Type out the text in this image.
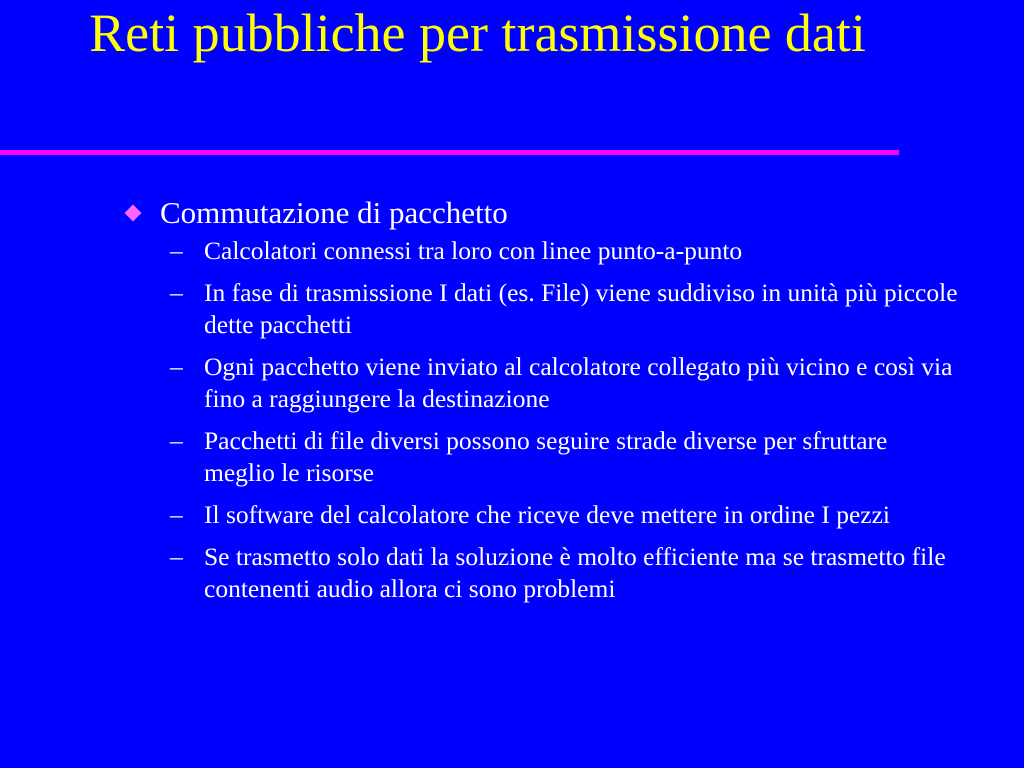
Reti pubbliche per trasmissione dati
Commutazione di pacchetto
– Calcolatori connessi tra loro con linee punto-a-punto
– In fase di trasmissione I dati (es. File) viene suddiviso in unità più piccole dette pacchetti
– Ogni pacchetto viene inviato al calcolatore collegato più vicino e così via fino a raggiungere la destinazione
– Pacchetti di file diversi possono seguire strade diverse per sfruttare meglio le risorse
– Il software del calcolatore che riceve deve mettere in ordine I pezzi
– Se trasmetto solo dati la soluzione è molto efficiente ma se trasmetto file contenenti audio allora ci sono problemi
